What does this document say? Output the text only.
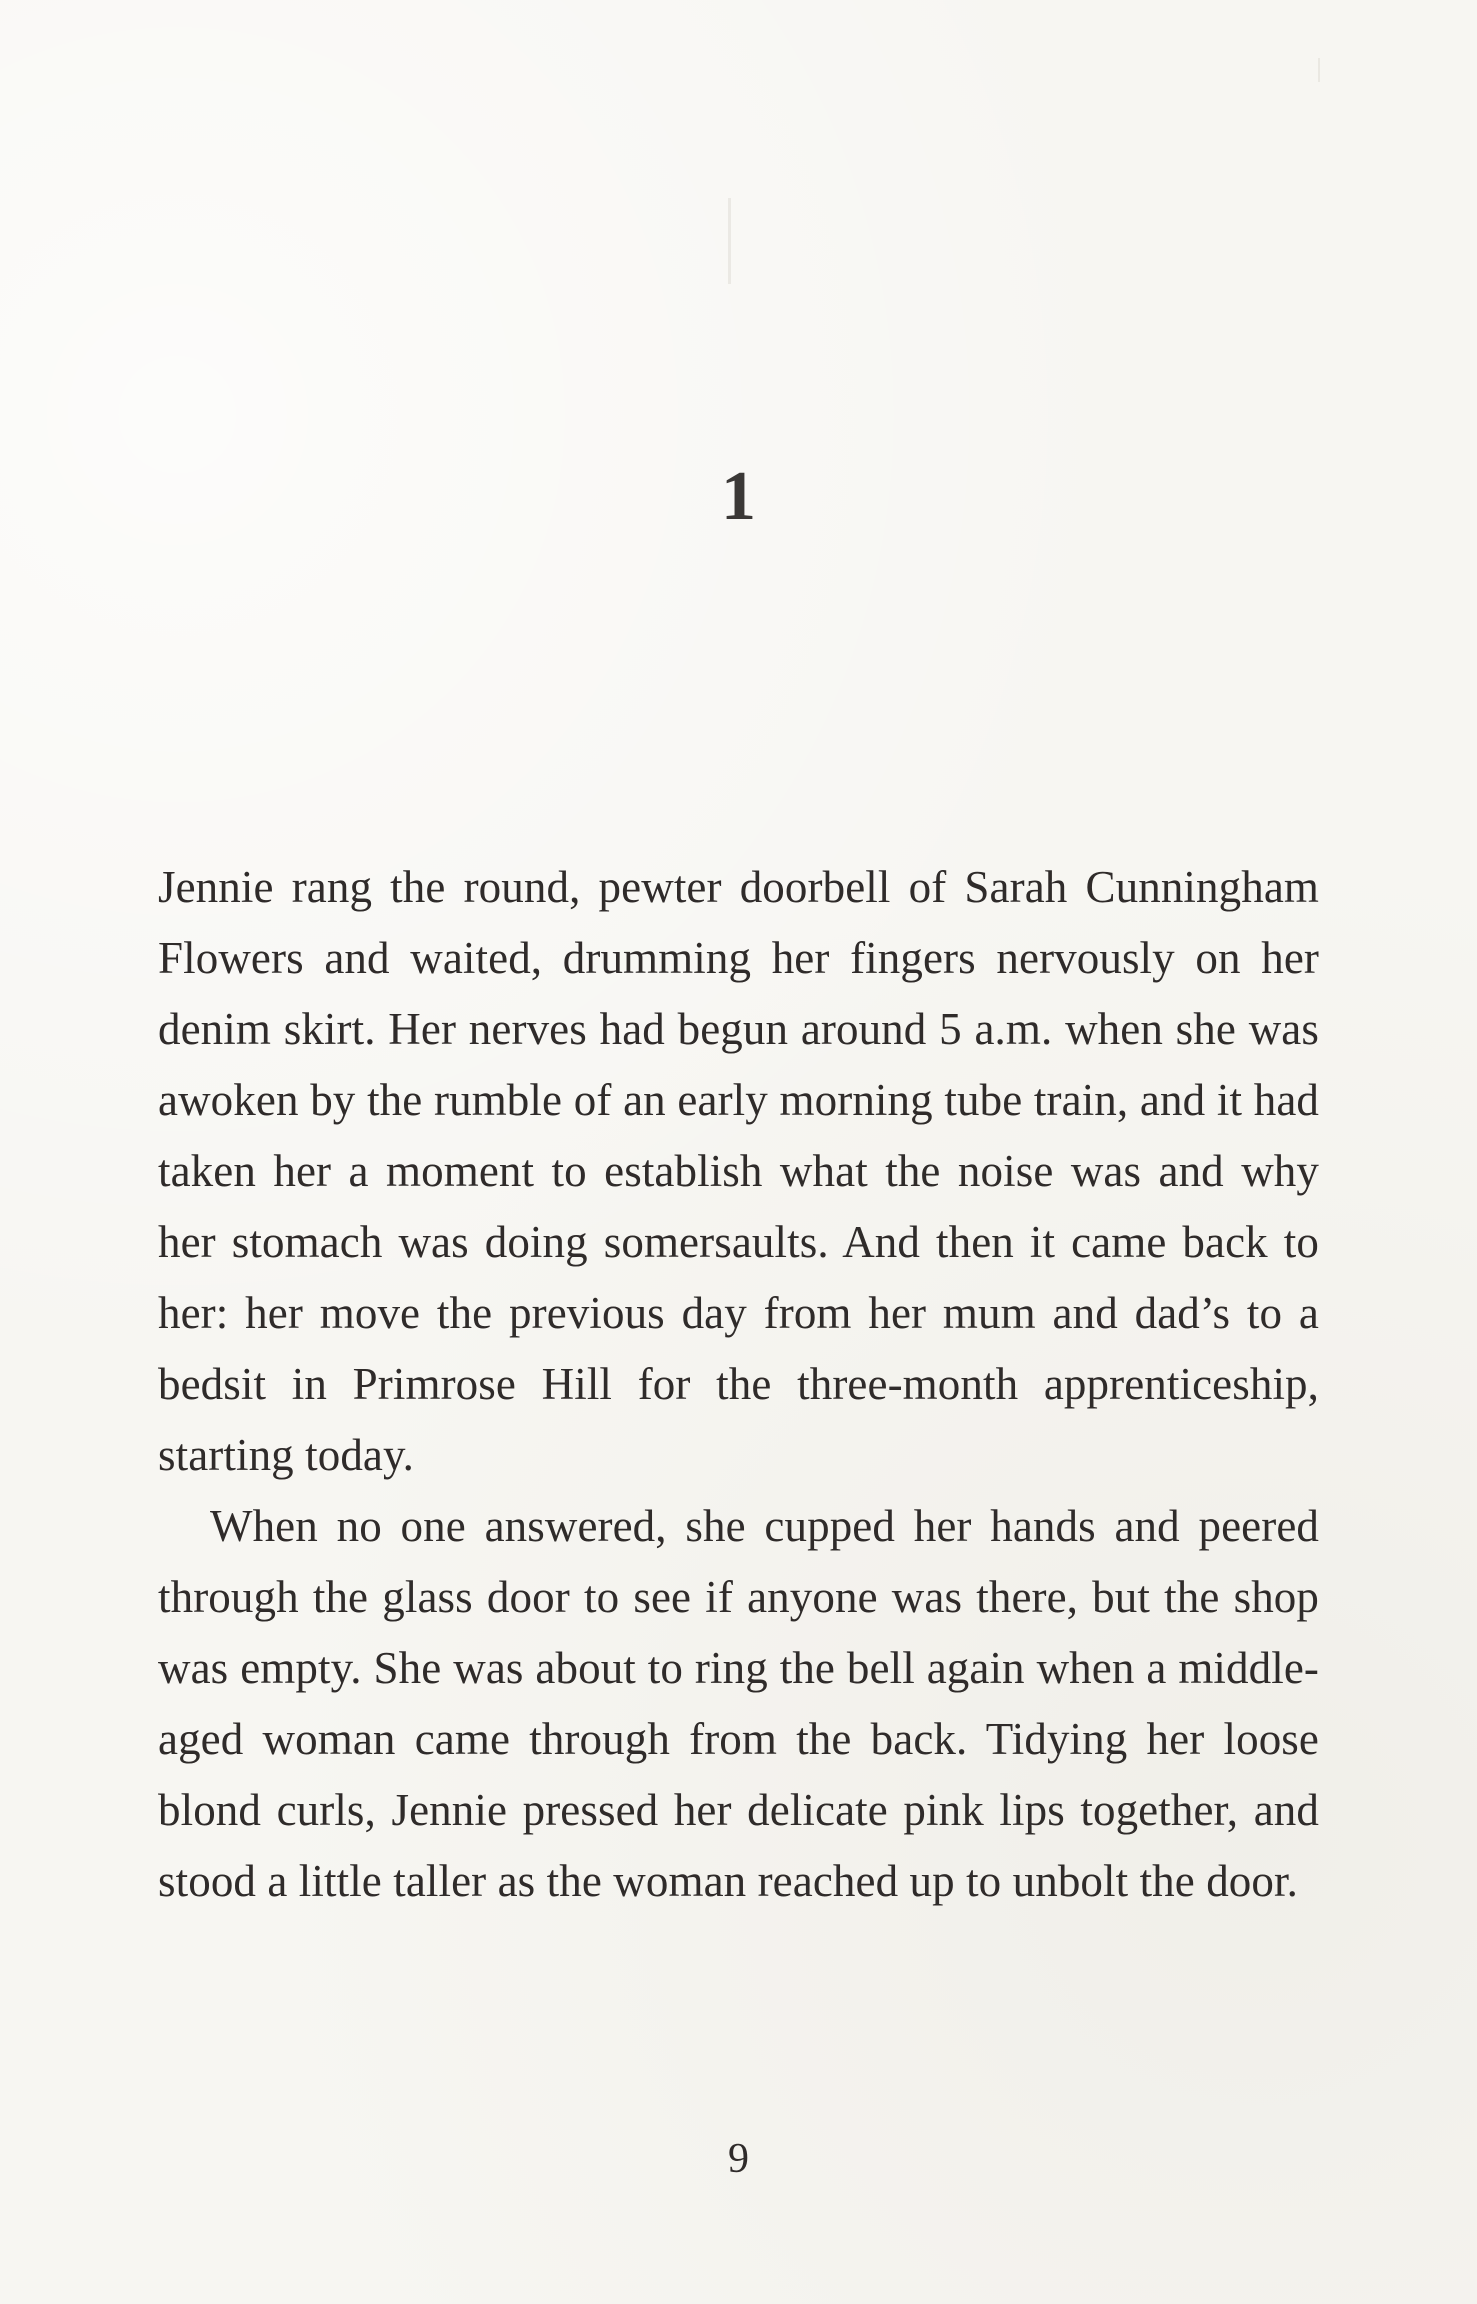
1

Jennie rang the round, pewter doorbell of Sarah Cunningham Flowers and waited, drumming her fingers nervously on her denim skirt. Her nerves had begun around 5 a.m. when she was awoken by the rumble of an early morning tube train, and it had taken her a moment to establish what the noise was and why her stomach was doing somersaults. And then it came back to her: her move the previous day from her mum and dad’s to a bedsit in Primrose Hill for the three-month apprenticeship, starting today.

When no one answered, she cupped her hands and peered through the glass door to see if anyone was there, but the shop was empty. She was about to ring the bell again when a middle-aged woman came through from the back. Tidying her loose blond curls, Jennie pressed her delicate pink lips together, and stood a little taller as the woman reached up to unbolt the door.

9
